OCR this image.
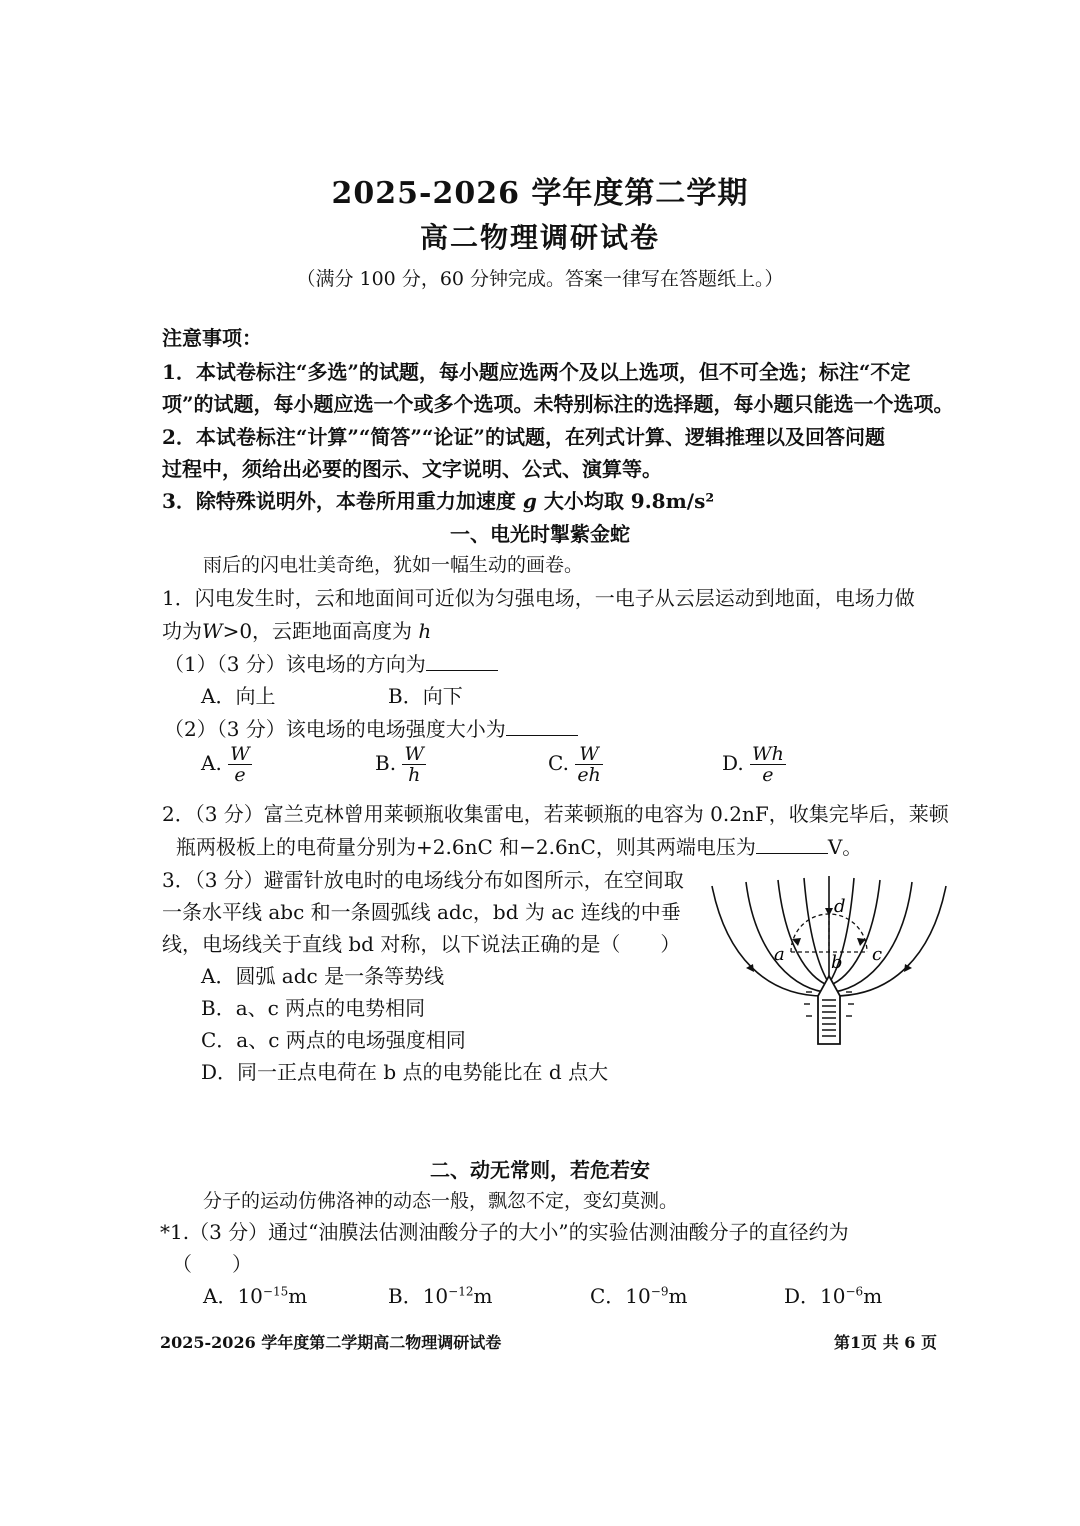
2025-2026 学年度第二学期
高二物理调研试卷
（满分 100 分，60 分钟完成。答案一律写在答题纸上。）
注意事项：
1．本试卷标注“多选”的试题，每小题应选两个及以上选项，但不可全选；标注“不定
项”的试题，每小题应选一个或多个选项。未特别标注的选择题，每小题只能选一个选项。
2．本试卷标注“计算”“简答”“论证”的试题，在列式计算、逻辑推理以及回答问题
过程中，须给出必要的图示、文字说明、公式、演算等。
3．除特殊说明外，本卷所用重力加速度 g 大小均取 9.8m/s²
一、电光时掣紫金蛇
雨后的闪电壮美奇绝，犹如一幅生动的画卷。
1．闪电发生时，云和地面间可近似为匀强电场，一电子从云层运动到地面，电场力做
功为W>0，云距地面高度为 h
（1）（3 分）该电场的方向为
A．向上	B．向下
（2）（3 分）该电场的电场强度大小为
A. $\frac{W}{e}$	B. $\frac{W}{h}$	C. $\frac{W}{eh}$	D. $\frac{Wh}{e}$
2．（3 分）富兰克林曾用莱顿瓶收集雷电，若莱顿瓶的电容为 0.2nF，收集完毕后，莱顿
瓶两极板上的电荷量分别为+2.6nC 和−2.6nC，则其两端电压为	V。
3．（3 分）避雷针放电时的电场线分布如图所示，在空间取
一条水平线 abc 和一条圆弧线 adc，bd 为 ac 连线的中垂
线，电场线关于直线 bd 对称，以下说法正确的是（　　）
A．圆弧 adc 是一条等势线
B．a、c 两点的电势相同
C．a、c 两点的电场强度相同
D．同一正点电荷在 b 点的电势能比在 d 点大
d
a	b c
二、动无常则，若危若安
分子的运动仿佛洛神的动态一般，飘忽不定，变幻莫测。
*1.（3 分）通过“油膜法估测油酸分子的大小”的实验估测油酸分子的直径约为
（　　）
A．$10^{-15}m$	B．$10^{-12}m$	C．$10^{-9}m$	D．$10^{-6}m$
2025-2026 学年度第二学期高二物理调研试卷	第1页 共 6 页
